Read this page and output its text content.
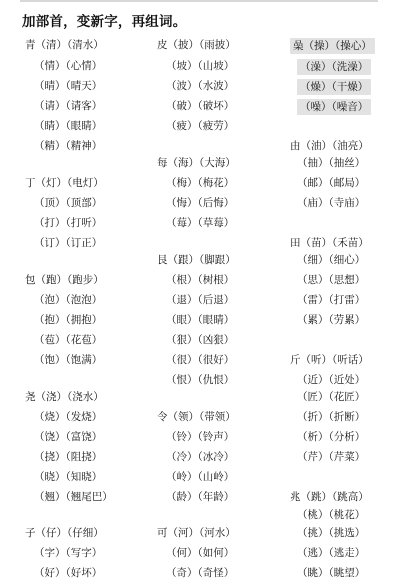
加部首，变新字，再组词。
青（清）（清水）
（情）（心情）
（晴）（晴天）
（请）（请客）
（睛）（眼睛）
（精）（精神）
丁（灯）（电灯）
（顶）（顶部）
（打）（打听）
（订）（订正）
包（跑）（跑步）
（泡）（泡泡）
（抱）（拥抱）
（苞）（花苞）
（饱）（饱满）
尧（浇）（浇水）
（烧）（发烧）
（饶）（富饶）
（挠）（阻挠）
（晓）（知晓）
（翘）（翘尾巴）
子（仔）（仔细）
（字）（写字）
（好）（好坏）
皮（披）（雨披）
（坡）（山坡）
（波）（水波）
（破）（破坏）
（疲）（疲劳）
每（海）（大海）
（梅）（梅花）
（悔）（后悔）
（莓）（草莓）
艮（跟）（脚跟）
（根）（树根）
（退）（后退）
（眼）（眼睛）
（狠）（凶狠）
（很）（很好）
（恨）（仇恨）
令（领）（带领）
（铃）（铃声）
（冷）（冰冷）
（岭）（山岭）
（龄）（年龄）
可（河）（河水）
（何）（如何）
（奇）（奇怪）
喿（操）（操心）
（澡）（洗澡）
（燥）（干燥）
（噪）（噪音）
由（油）（油亮）
（抽）（抽丝）
（邮）（邮局）
（庙）（寺庙）
田（苗）（禾苗）
（细）（细心）
（思）（思想）
（雷）（打雷）
（累）（劳累）
斤（听）（听话）
（近）（近处）
（匠）（花匠）
（折）（折断）
（析）（分析）
（芹）（芹菜）
兆（跳）（跳高）
（桃）（桃花）
（挑）（挑选）
（逃）（逃走）
（眺）（眺望）
